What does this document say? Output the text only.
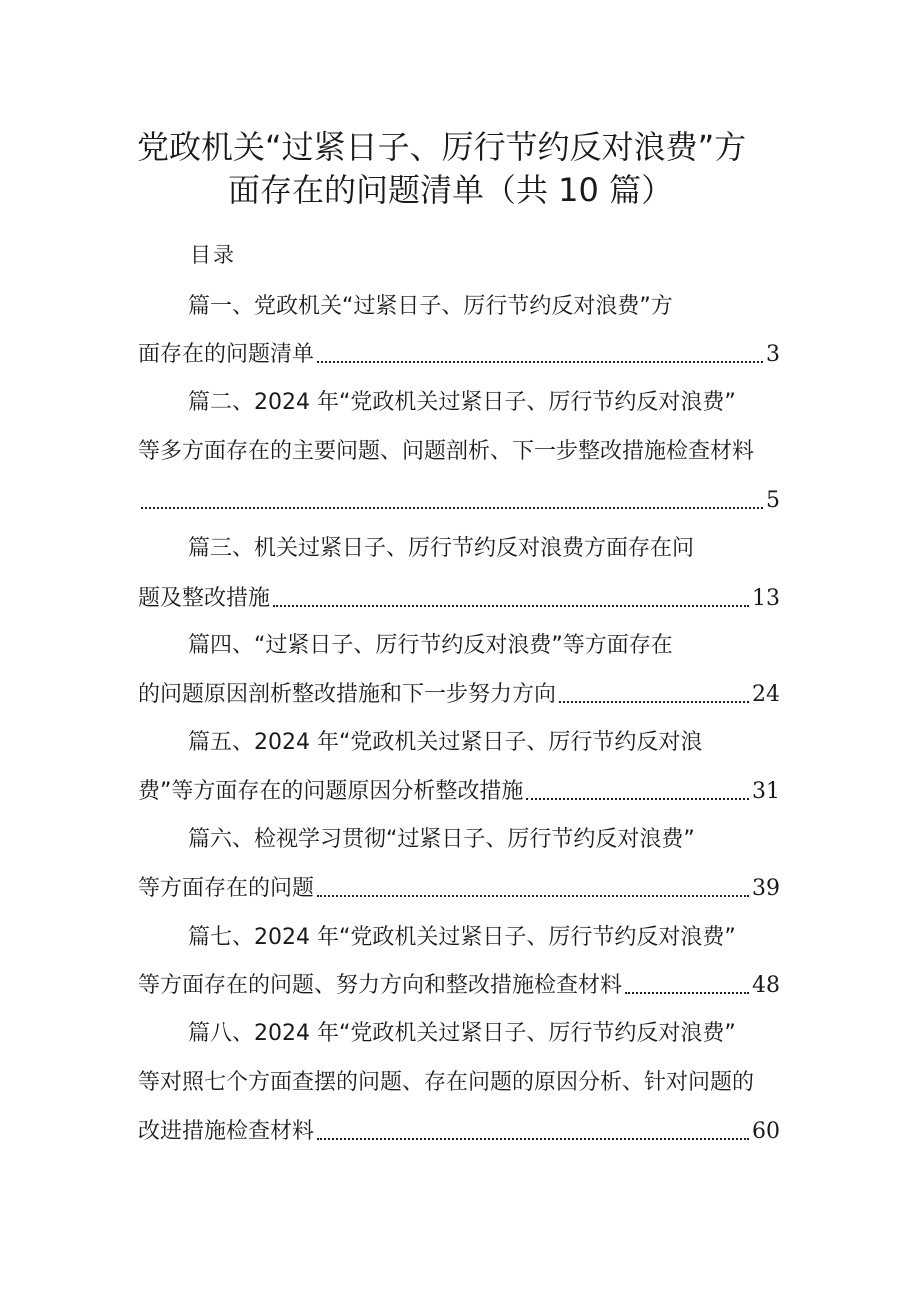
党政机关“过紧日子、厉行节约反对浪费”方
面存在的问题清单（共 10 篇）
目录
篇一、党政机关“过紧日子、厉行节约反对浪费”方
面存在的问题清单	3
篇二、2024 年“党政机关过紧日子、厉行节约反对浪费”
等多方面存在的主要问题、问题剖析、下一步整改措施检查材料
5
篇三、机关过紧日子、厉行节约反对浪费方面存在问
题及整改措施	13
篇四、“过紧日子、厉行节约反对浪费”等方面存在
的问题原因剖析整改措施和下一步努力方向	24
篇五、2024 年“党政机关过紧日子、厉行节约反对浪
费”等方面存在的问题原因分析整改措施	31
篇六、检视学习贯彻“过紧日子、厉行节约反对浪费”
等方面存在的问题	39
篇七、2024 年“党政机关过紧日子、厉行节约反对浪费”
等方面存在的问题、努力方向和整改措施检查材料	48
篇八、2024 年“党政机关过紧日子、厉行节约反对浪费”
等对照七个方面查摆的问题、存在问题的原因分析、针对问题的
改进措施检查材料	60
